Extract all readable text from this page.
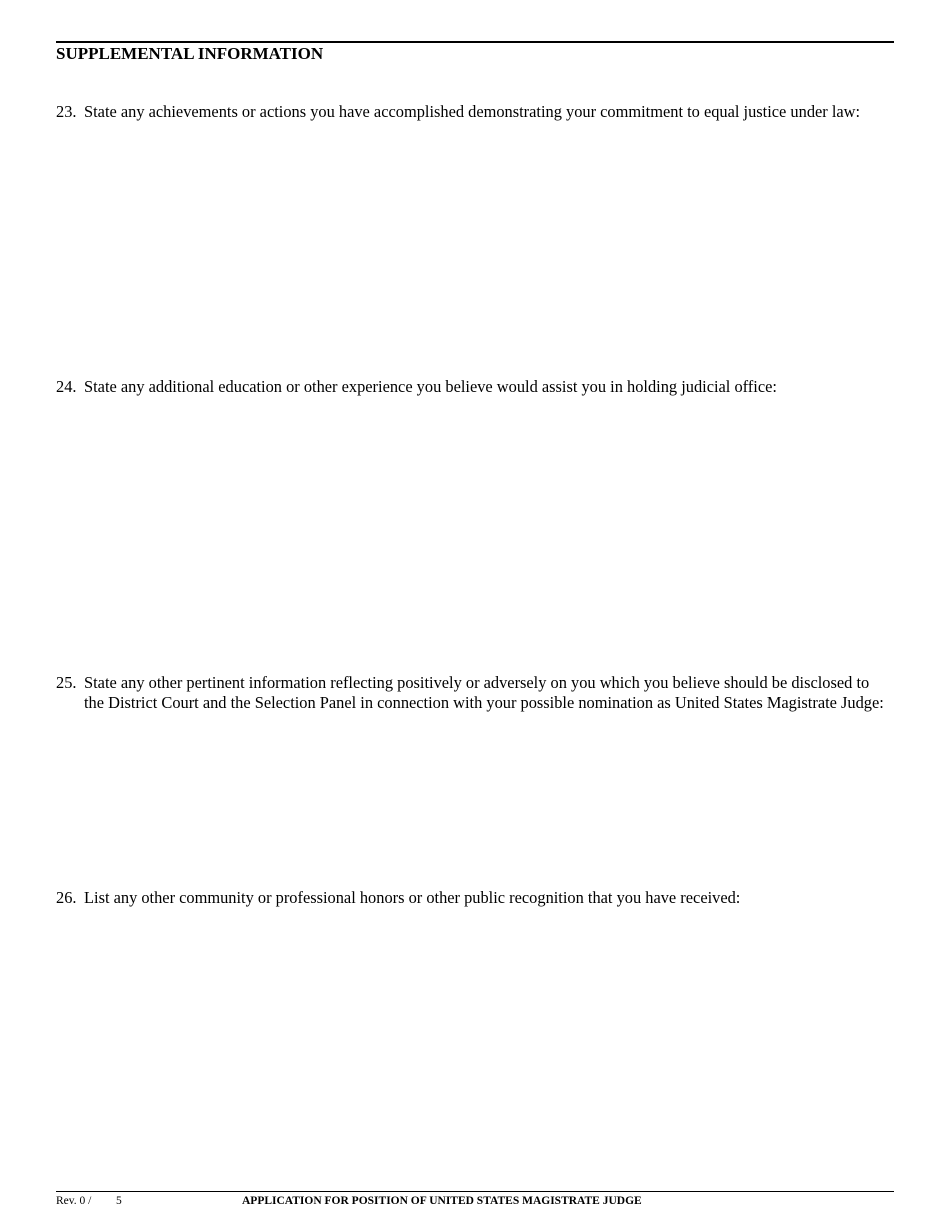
SUPPLEMENTAL INFORMATION
23. State any achievements or actions you have accomplished demonstrating your commitment to equal justice under law:
24. State any additional education or other experience you believe would assist you in holding judicial office:
25. State any other pertinent information reflecting positively or adversely on you which you believe should be disclosed to the District Court and the Selection Panel in connection with your possible nomination as United States Magistrate Judge:
26. List any other community or professional honors or other public recognition that you have received:
Rev. 0 / 5	APPLICATION FOR POSITION OF UNITED STATES MAGISTRATE JUDGE
